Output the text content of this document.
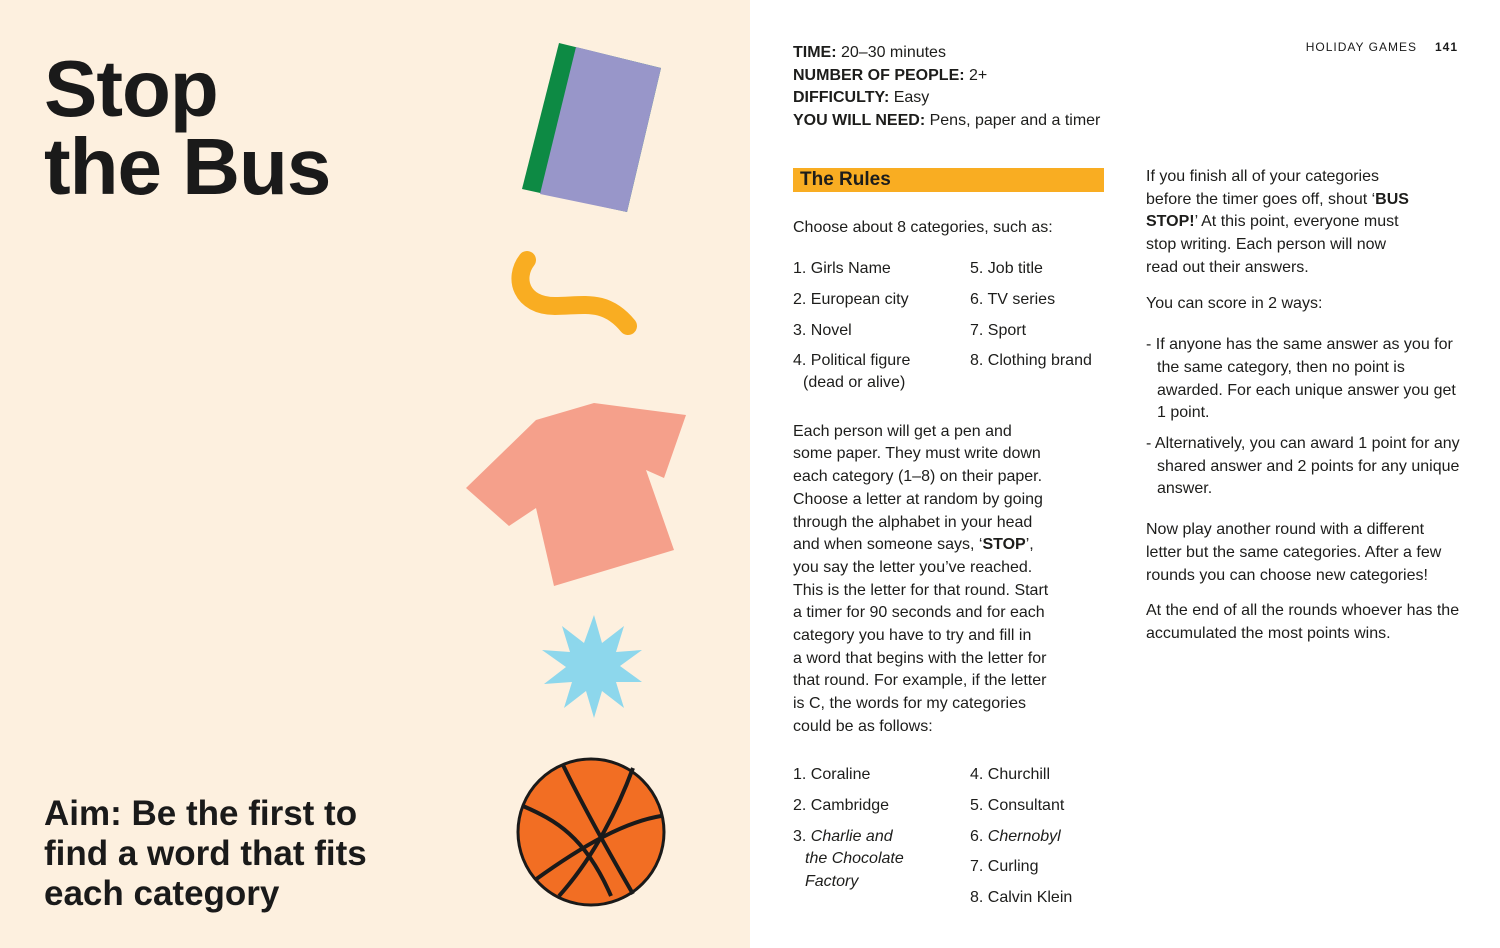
Stop
the Bus

Aim: Be the first to find a word that fits each category

HOLIDAY GAMES 141
TIME: 20–30 minutes
NUMBER OF PEOPLE: 2+
DIFFICULTY: Easy
YOU WILL NEED: Pens, paper and a timer
The Rules

Choose about 8 categories, such as:

1. Girls Name
2. European city
3. Novel
4. Political figure
(dead or alive)
5. Job title
6. TV series
7. Sport
8. Clothing brand
Each person will get a pen and
some paper. They must write down
each category (1–8) on their paper.
Choose a letter at random by going
through the alphabet in your head
and when someone says, ‘STOP’,
you say the letter you’ve reached.
This is the letter for that round. Start
a timer for 90 seconds and for each
category you have to try and fill in
a word that begins with the letter for
that round. For example, if the letter
is C, the words for my categories
could be as follows:
1. Coraline
2. Cambridge
3. Charlie and
the Chocolate
Factory
4. Churchill
5. Consultant
6. Chernobyl
7. Curling
8. Calvin Klein
If you finish all of your categories
before the timer goes off, shout ‘BUS
STOP!’ At this point, everyone must
stop writing. Each person will now
read out their answers.

You can score in 2 ways:

- If anyone has the same answer as you for the same category, then no point is awarded. For each unique answer you get 1 point.

- Alternatively, you can award 1 point for any shared answer and 2 points for any unique answer.

Now play another round with a different letter but the same categories. After a few rounds you can choose new categories!

At the end of all the rounds whoever has the accumulated the most points wins.
